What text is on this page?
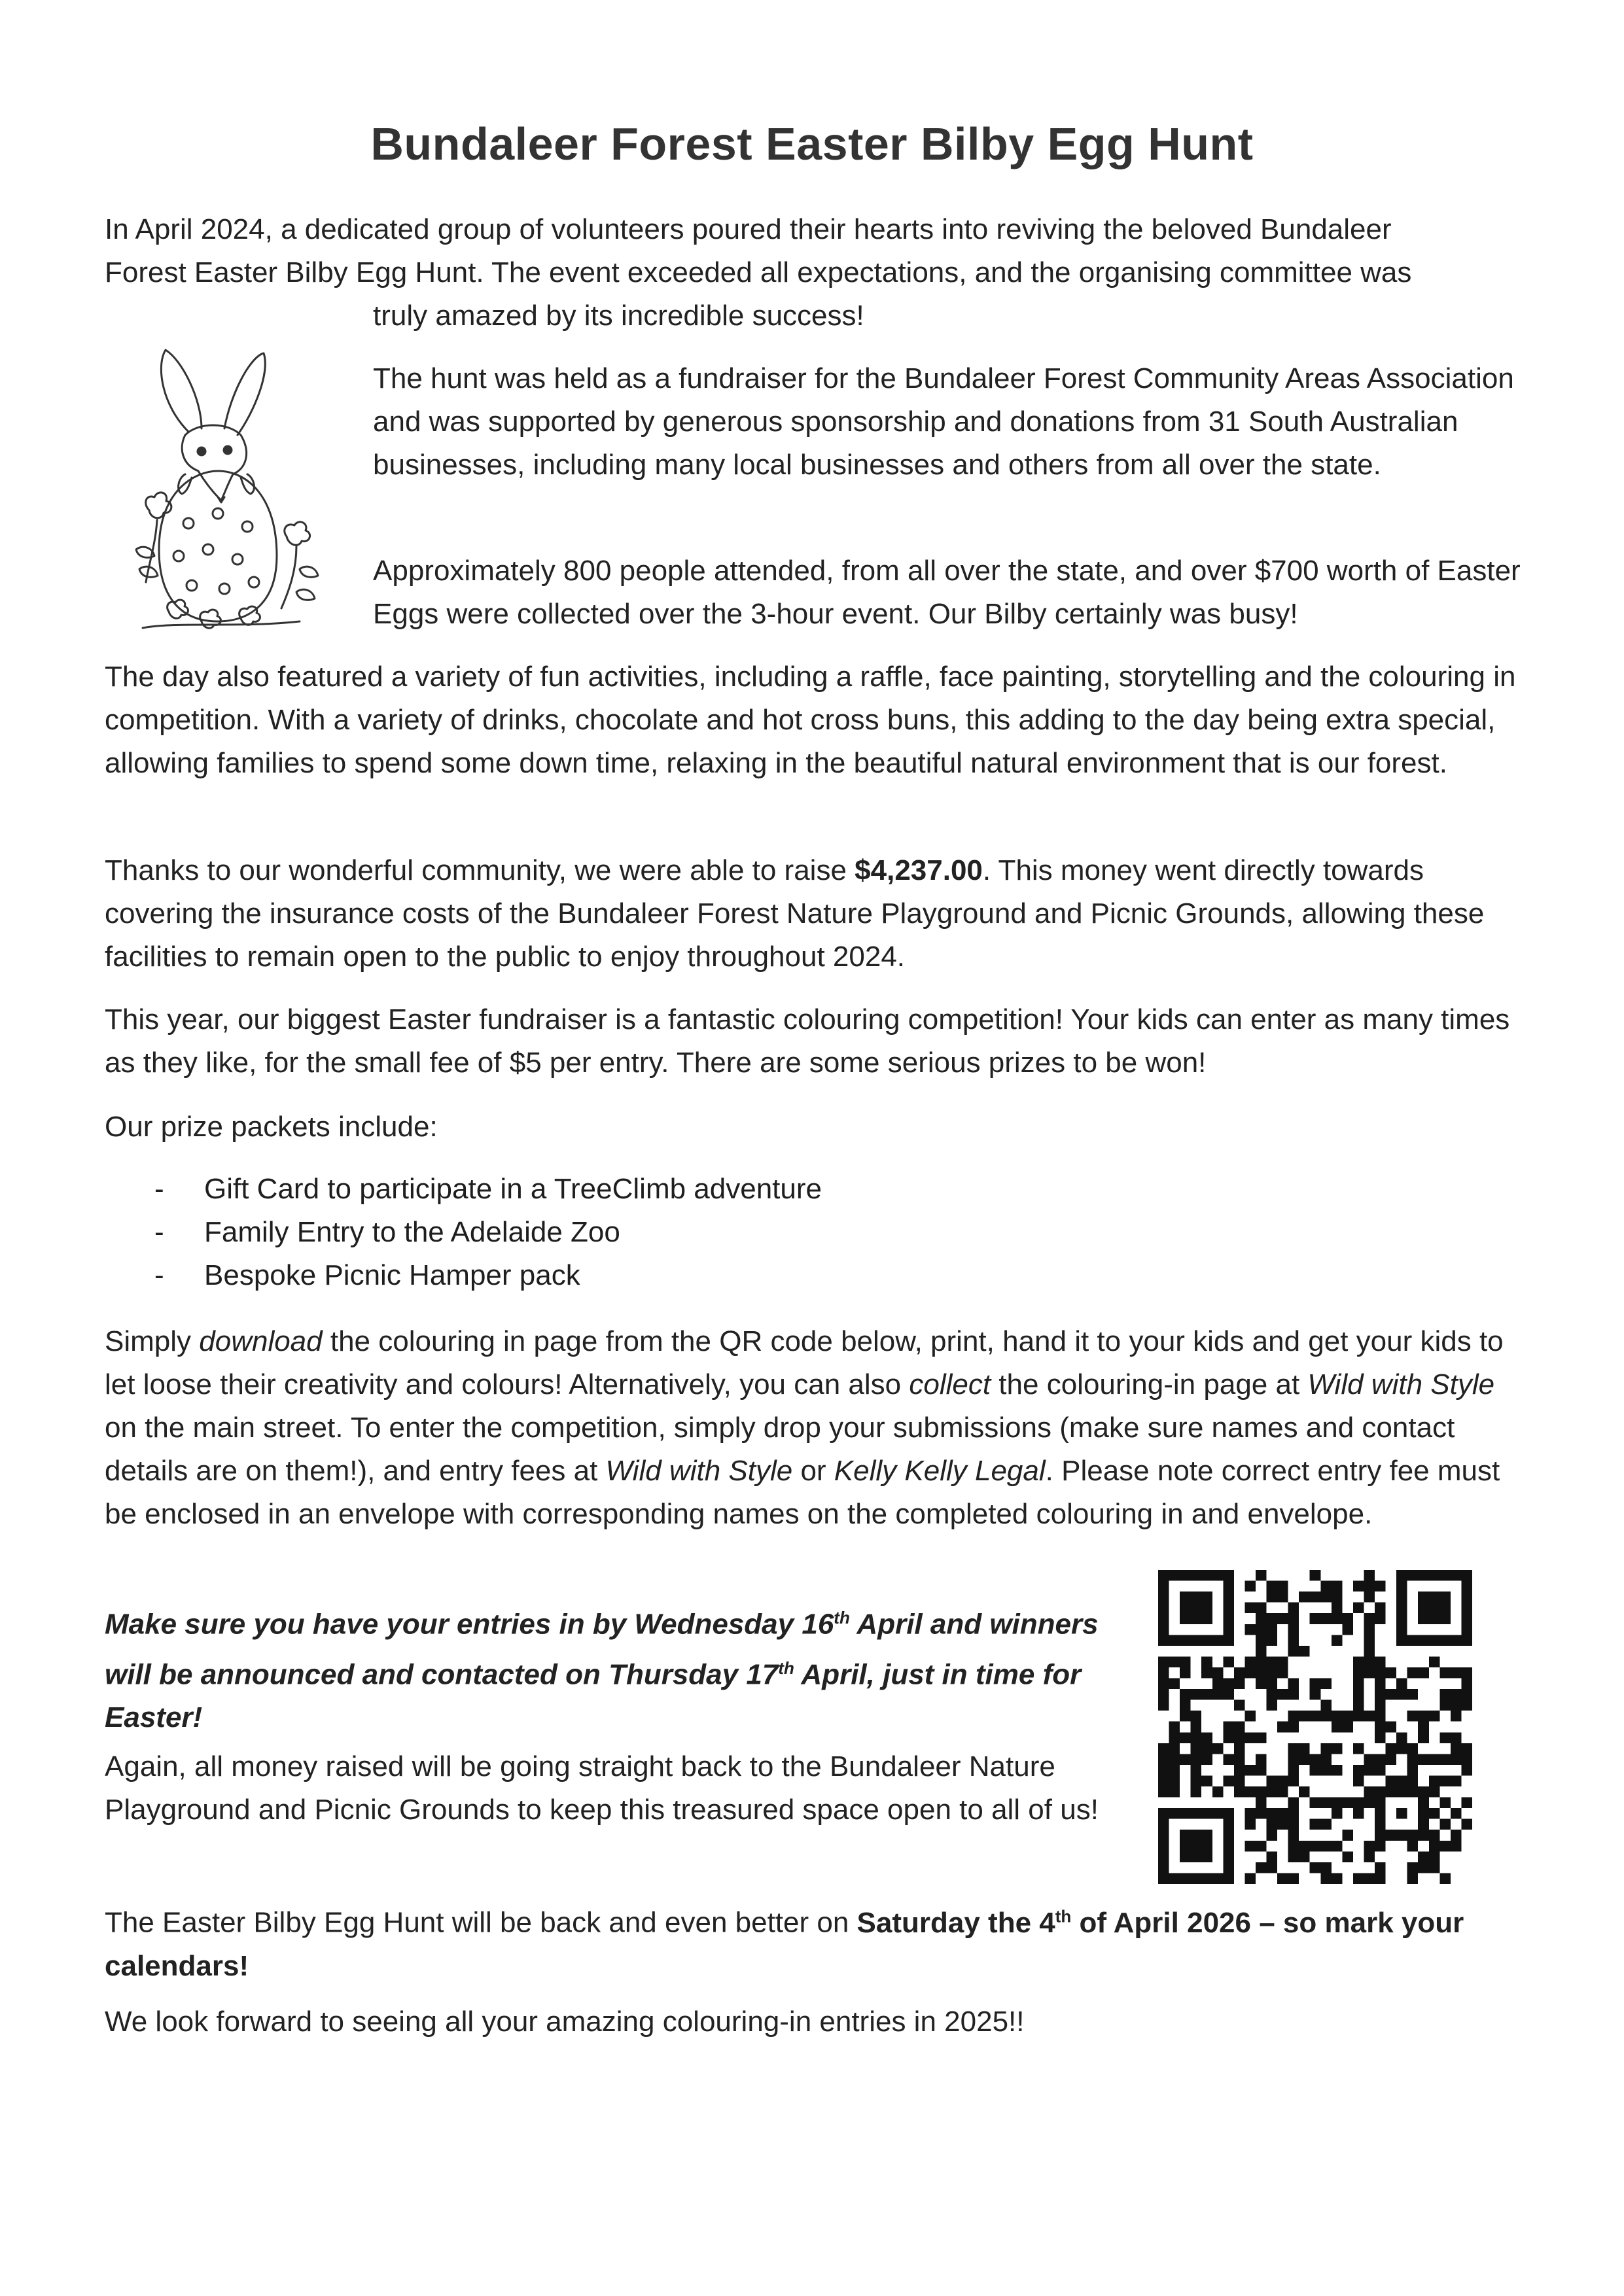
Bundaleer Forest Easter Bilby Egg Hunt

In April 2024, a dedicated group of volunteers poured their hearts into reviving the beloved Bundaleer

Forest Easter Bilby Egg Hunt. The event exceeded all expectations, and the organising committee was

truly amazed by its incredible success!

The hunt was held as a fundraiser for the Bundaleer Forest Community Areas Association and was supported by generous sponsorship and donations from 31 South Australian businesses, including many local businesses and others from all over the state.

Approximately 800 people attended, from all over the state, and over $700 worth of Easter Eggs were collected over the 3-hour event. Our Bilby certainly was busy!

The day also featured a variety of fun activities, including a raffle, face painting, storytelling and the colouring in competition. With a variety of drinks, chocolate and hot cross buns, this adding to the day being extra special, allowing families to spend some down time, relaxing in the beautiful natural environment that is our forest.

Thanks to our wonderful community, we were able to raise $4,237.00. This money went directly towards covering the insurance costs of the Bundaleer Forest Nature Playground and Picnic Grounds, allowing these facilities to remain open to the public to enjoy throughout 2024.

This year, our biggest Easter fundraiser is a fantastic colouring competition! Your kids can enter as many times as they like, for the small fee of $5 per entry. There are some serious prizes to be won!

Our prize packets include:

- Gift Card to participate in a TreeClimb adventure
- Family Entry to the Adelaide Zoo
- Bespoke Picnic Hamper pack

Simply download the colouring in page from the QR code below, print, hand it to your kids and get your kids to let loose their creativity and colours! Alternatively, you can also collect the colouring-in page at Wild with Style on the main street. To enter the competition, simply drop your submissions (make sure names and contact details are on them!), and entry fees at Wild with Style or Kelly Kelly Legal. Please note correct entry fee must be enclosed in an envelope with corresponding names on the completed colouring in and envelope.

Make sure you have your entries in by Wednesday 16th April and winners will be announced and contacted on Thursday 17th April, just in time for Easter!

Again, all money raised will be going straight back to the Bundaleer Nature Playground and Picnic Grounds to keep this treasured space open to all of us!

The Easter Bilby Egg Hunt will be back and even better on Saturday the 4th of April 2026 – so mark your calendars!

We look forward to seeing all your amazing colouring-in entries in 2025!!
